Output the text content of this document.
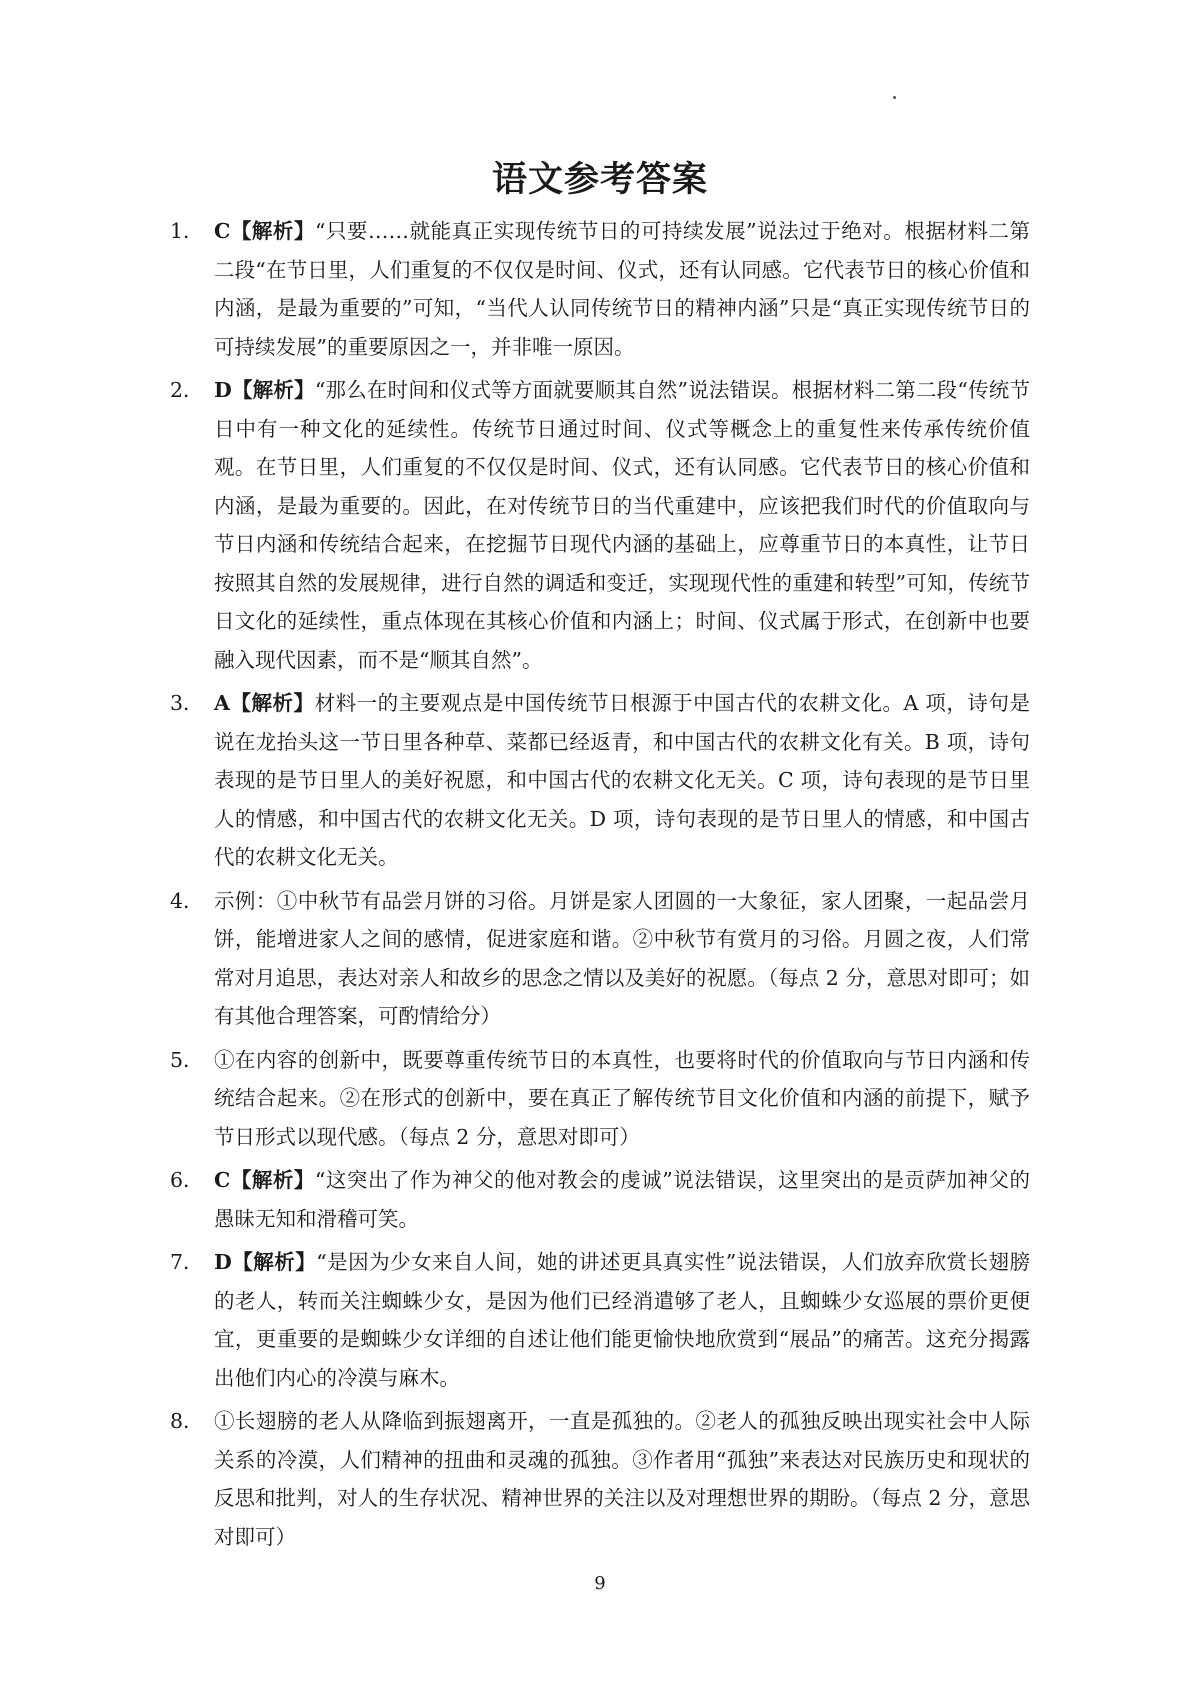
语文参考答案
1． C【解析】“只要……就能真正实现传统节日的可持续发展”说法过于绝对。根据材料二第二段“在节日里，人们重复的不仅仅是时间、仪式，还有认同感。它代表节日的核心价值和内涵，是最为重要的”可知，“当代人认同传统节日的精神内涵”只是“真正实现传统节日的可持续发展”的重要原因之一，并非唯一原因。
2． D【解析】“那么在时间和仪式等方面就要顺其自然”说法错误。根据材料二第二段“传统节日中有一种文化的延续性。传统节日通过时间、仪式等概念上的重复性来传承传统价值观。在节日里，人们重复的不仅仅是时间、仪式，还有认同感。它代表节日的核心价值和内涵，是最为重要的。因此，在对传统节日的当代重建中，应该把我们时代的价值取向与节日内涵和传统结合起来，在挖掘节日现代内涵的基础上，应尊重节日的本真性，让节日按照其自然的发展规律，进行自然的调适和变迁，实现现代性的重建和转型”可知，传统节日文化的延续性，重点体现在其核心价值和内涵上；时间、仪式属于形式，在创新中也要融入现代因素，而不是“顺其自然”。
3． A【解析】材料一的主要观点是中国传统节日根源于中国古代的农耕文化。A 项，诗句是说在龙抬头这一节日里各种草、菜都已经返青，和中国古代的农耕文化有关。B 项，诗句表现的是节日里人的美好祝愿，和中国古代的农耕文化无关。C 项，诗句表现的是节日里人的情感，和中国古代的农耕文化无关。D 项，诗句表现的是节日里人的情感，和中国古代的农耕文化无关。
4． 示例：①中秋节有品尝月饼的习俗。月饼是家人团圆的一大象征，家人团聚，一起品尝月饼，能增进家人之间的感情，促进家庭和谐。②中秋节有赏月的习俗。月圆之夜，人们常常对月追思，表达对亲人和故乡的思念之情以及美好的祝愿。（每点 2 分，意思对即可；如有其他合理答案，可酌情给分）
5． ①在内容的创新中，既要尊重传统节日的本真性，也要将时代的价值取向与节日内涵和传统结合起来。②在形式的创新中，要在真正了解传统节目文化价值和内涵的前提下，赋予节日形式以现代感。（每点 2 分，意思对即可）
6． C【解析】“这突出了作为神父的他对教会的虔诚”说法错误，这里突出的是贡萨加神父的愚昧无知和滑稽可笑。
7． D【解析】“是因为少女来自人间，她的讲述更具真实性”说法错误，人们放弃欣赏长翅膀的老人，转而关注蜘蛛少女，是因为他们已经消遣够了老人，且蜘蛛少女巡展的票价更便宜，更重要的是蜘蛛少女详细的自述让他们能更愉快地欣赏到“展品”的痛苦。这充分揭露出他们内心的冷漠与麻木。
8． ①长翅膀的老人从降临到振翅离开，一直是孤独的。②老人的孤独反映出现实社会中人际关系的冷漠，人们精神的扭曲和灵魂的孤独。③作者用“孤独”来表达对民族历史和现状的反思和批判，对人的生存状况、精神世界的关注以及对理想世界的期盼。（每点 2 分，意思对即可）
9
